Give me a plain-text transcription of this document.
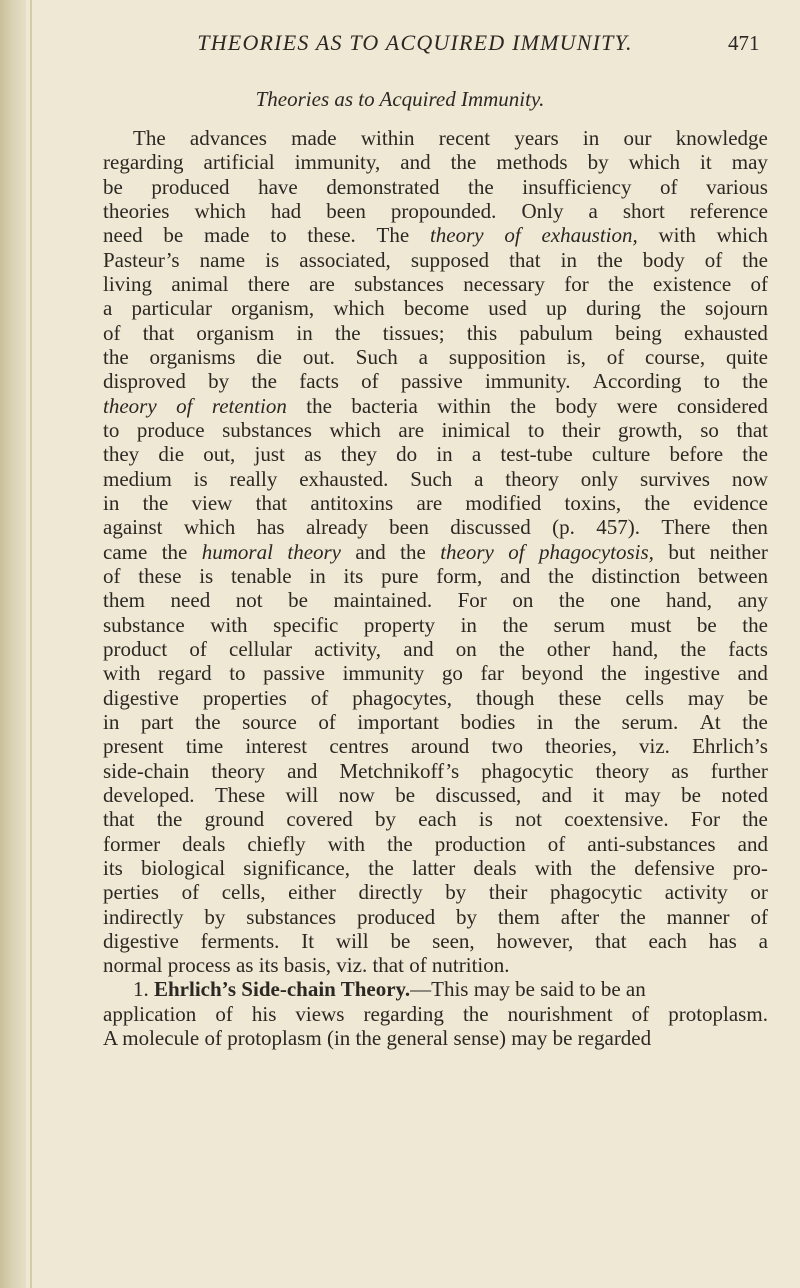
THEORIES AS TO ACQUIRED IMMUNITY.	471
Theories as to Acquired Immunity.
The advances made within recent years in our knowledge
regarding artificial immunity, and the methods by which it may
be produced have demonstrated the insufficiency of various
theories which had been propounded. Only a short reference
need be made to these. The theory of exhaustion, with which
Pasteur’s name is associated, supposed that in the body of the
living animal there are substances necessary for the existence of
a particular organism, which become used up during the sojourn
of that organism in the tissues; this pabulum being exhausted
the organisms die out. Such a supposition is, of course, quite
disproved by the facts of passive immunity. According to the
theory of retention the bacteria within the body were considered
to produce substances which are inimical to their growth, so that
they die out, just as they do in a test-tube culture before the
medium is really exhausted. Such a theory only survives now
in the view that antitoxins are modified toxins, the evidence
against which has already been discussed (p. 457). There then
came the humoral theory and the theory of phagocytosis, but neither
of these is tenable in its pure form, and the distinction between
them need not be maintained. For on the one hand, any
substance with specific property in the serum must be the
product of cellular activity, and on the other hand, the facts
with regard to passive immunity go far beyond the ingestive and
digestive properties of phagocytes, though these cells may be
in part the source of important bodies in the serum. At the
present time interest centres around two theories, viz. Ehrlich’s
side-chain theory and Metchnikoff’s phagocytic theory as further
developed. These will now be discussed, and it may be noted
that the ground covered by each is not coextensive. For the
former deals chiefly with the production of anti-substances and
its biological significance, the latter deals with the defensive pro-
perties of cells, either directly by their phagocytic activity or
indirectly by substances produced by them after the manner of
digestive ferments. It will be seen, however, that each has a
normal process as its basis, viz. that of nutrition.
1.
Ehrlich’s Side-chain Theory. —This may be said to be an
application of his views regarding the nourishment of protoplasm.
A molecule of protoplasm (in the general sense) may be regarded
